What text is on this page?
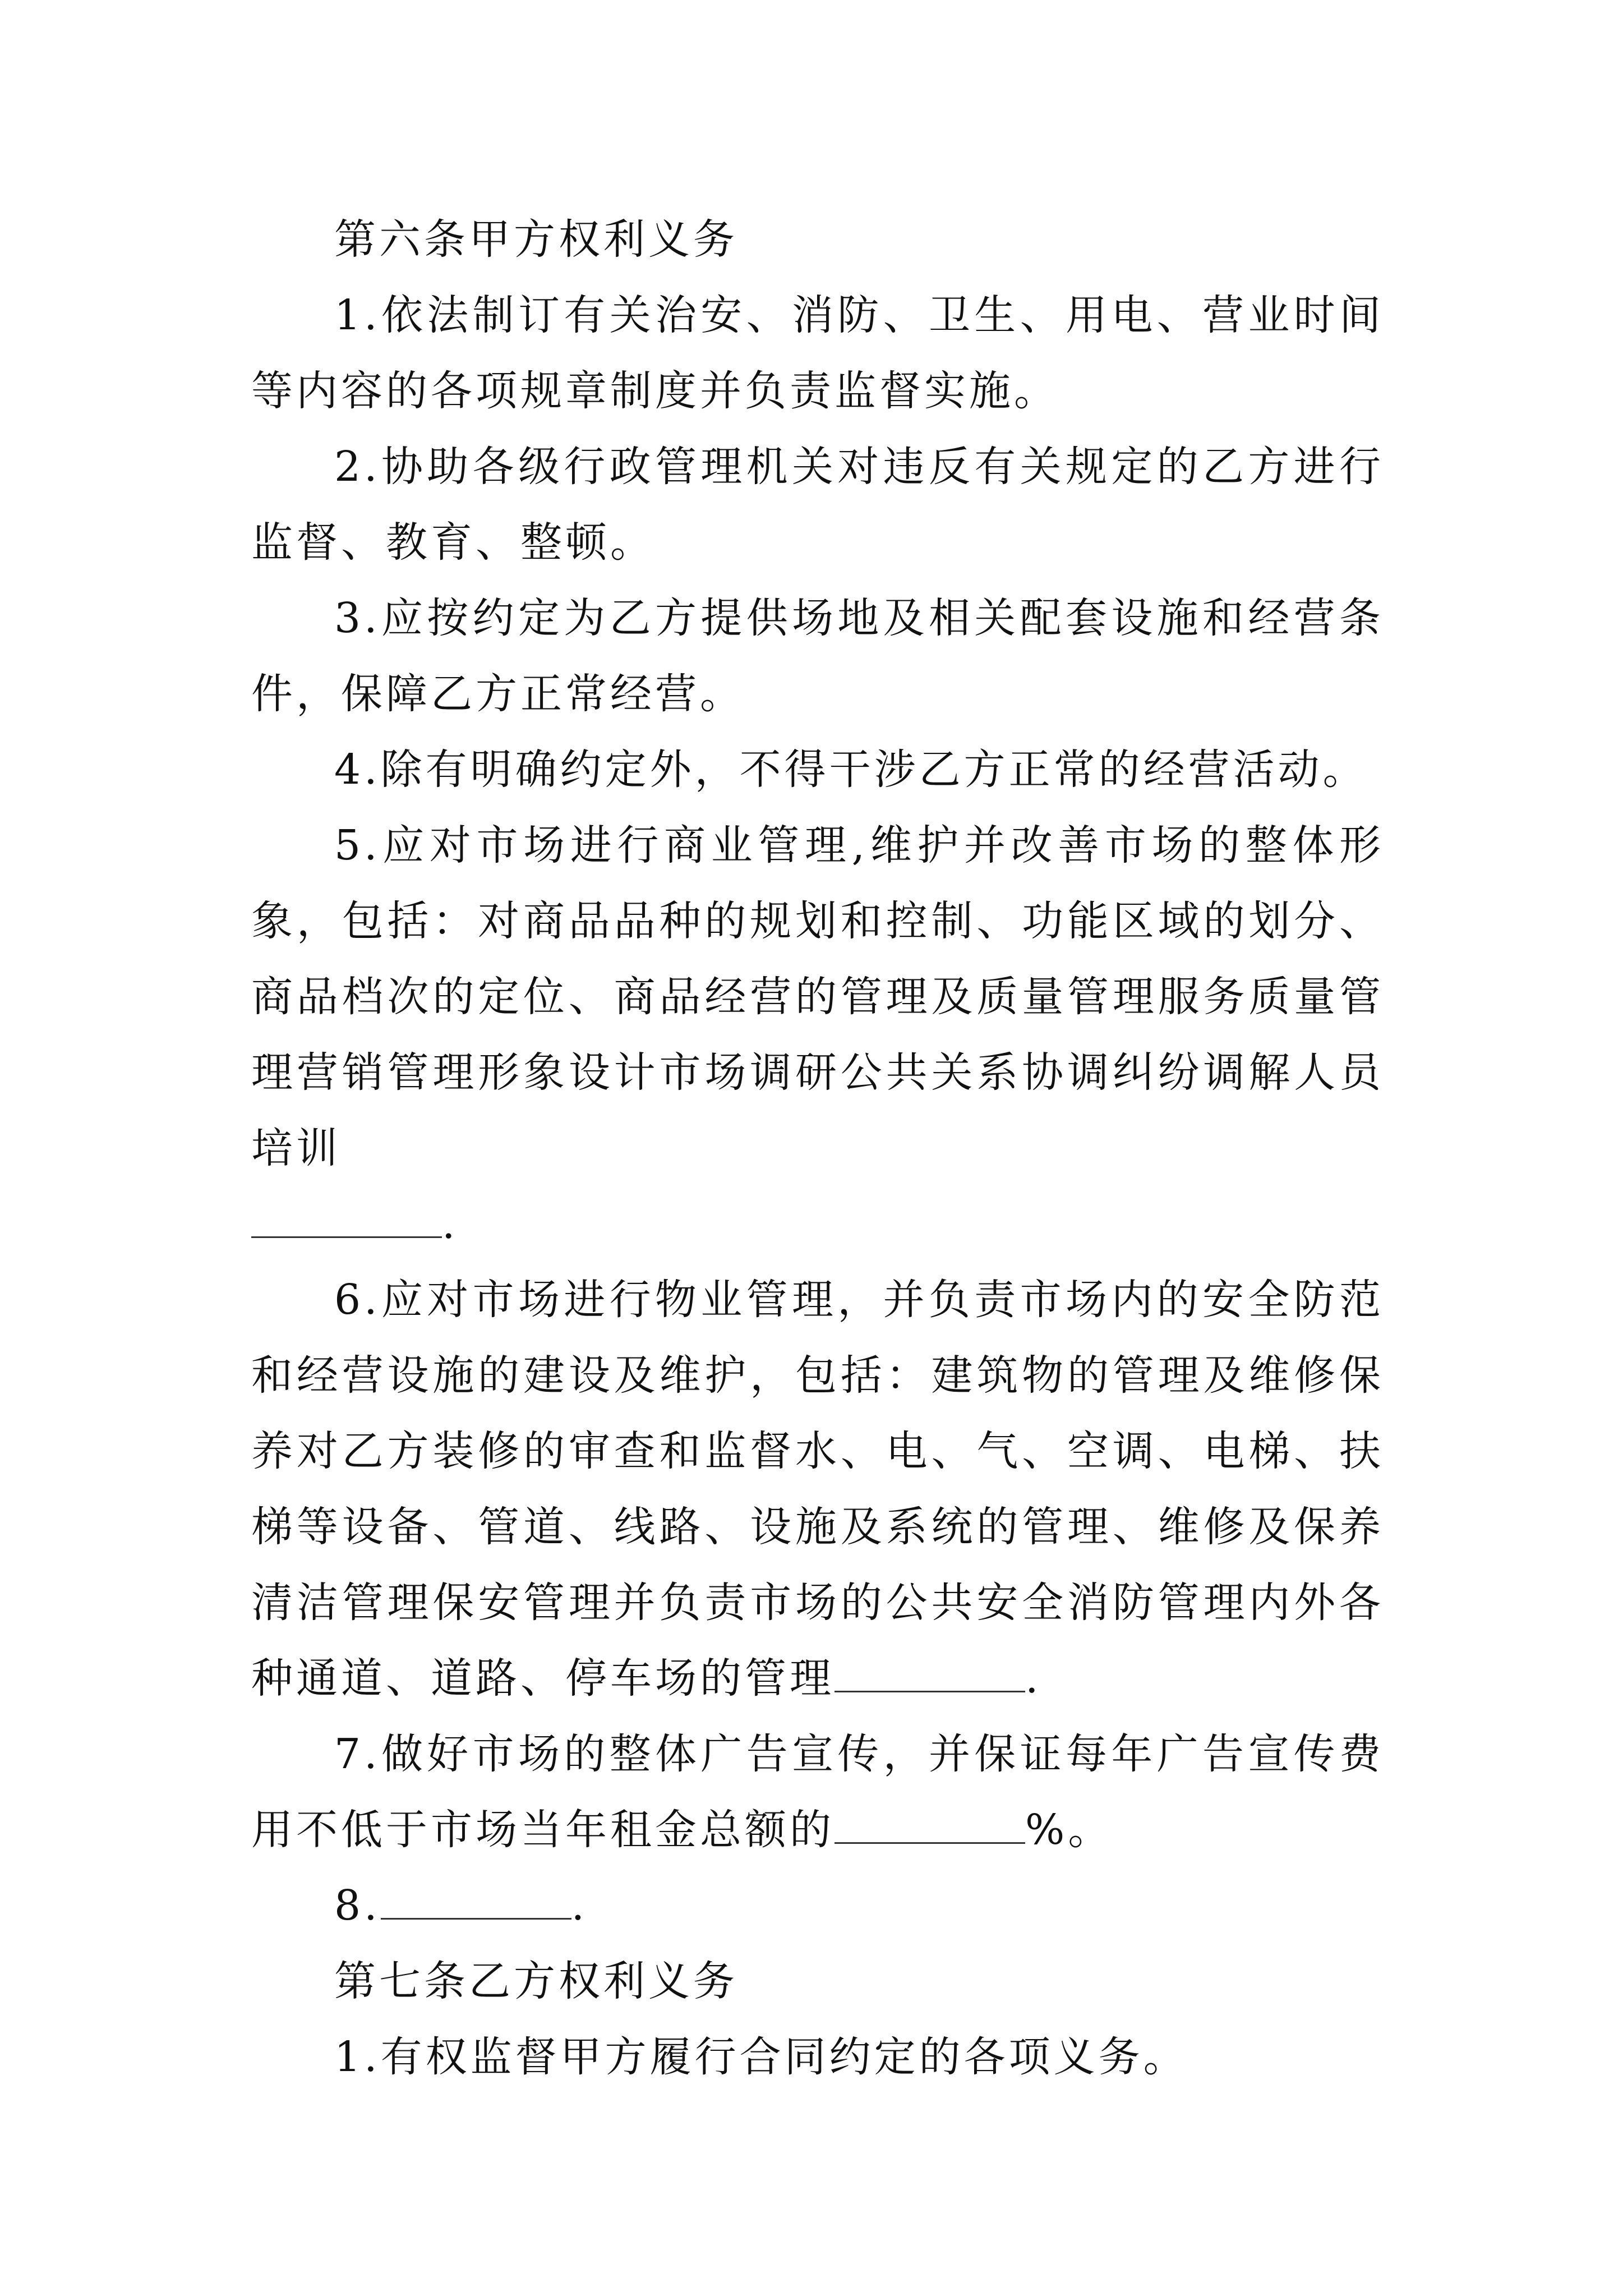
第六条甲方权利义务

1.依法制订有关治安、消防、卫生、用电、营业时间等内容的各项规章制度并负责监督实施。

2.协助各级行政管理机关对违反有关规定的乙方进行监督、教育、整顿。

3.应按约定为乙方提供场地及相关配套设施和经营条件，保障乙方正常经营。

4.除有明确约定外，不得干涉乙方正常的经营活动。

5.应对市场进行商业管理,维护并改善市场的整体形象，包括：对商品品种的规划和控制、功能区域的划分、商品档次的定位、商品经营的管理及质量管理服务质量管理营销管理形象设计市场调研公共关系协调纠纷调解人员培训

.

6.应对市场进行物业管理，并负责市场内的安全防范和经营设施的建设及维护，包括：建筑物的管理及维修保养对乙方装修的审查和监督水、电、气、空调、电梯、扶梯等设备、管道、线路、设施及系统的管理、维修及保养清洁管理保安管理并负责市场的公共安全消防管理内外各种通道、道路、停车场的管理	.

7.做好市场的整体广告宣传，并保证每年广告宣传费用不低于市场当年租金总额的	%。

8.	.

第七条乙方权利义务

1.有权监督甲方履行合同约定的各项义务。
